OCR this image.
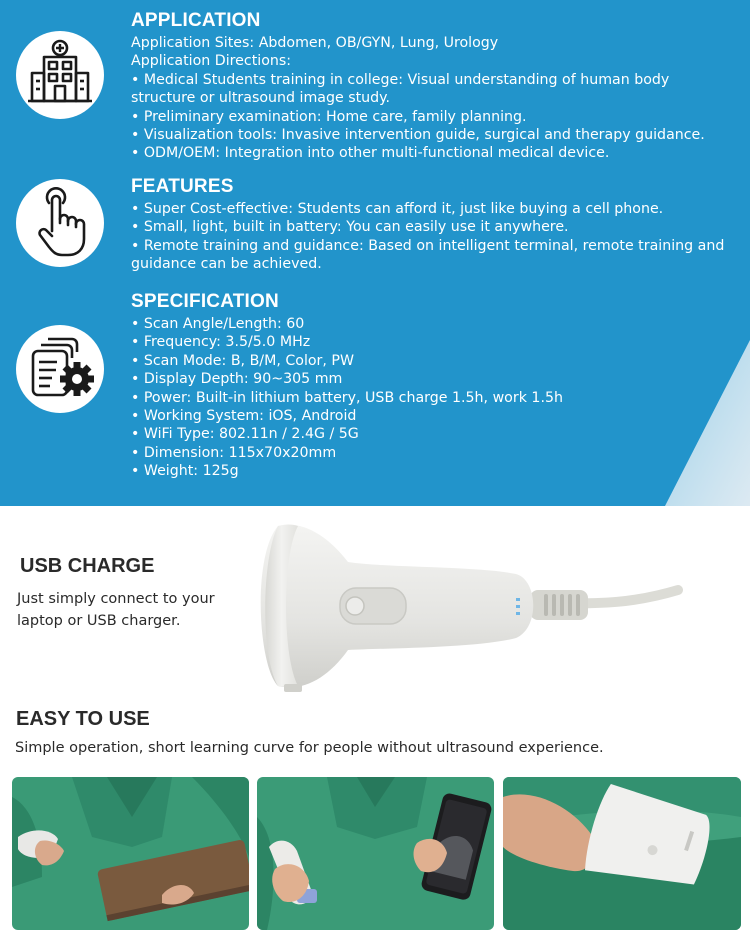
APPLICATION
Application Sites: Abdomen, OB/GYN, Lung, Urology
Application Directions:
• Medical Students training in college: Visual understanding of human body
structure or ultrasound image study.
• Preliminary examination: Home care, family planning.
• Visualization tools: Invasive intervention guide, surgical and therapy guidance.
• ODM/OEM: Integration into other multi-functional medical device.
FEATURES
• Super Cost-effective: Students can afford it, just like buying a cell phone.
• Small, light, built in battery: You can easily use it anywhere.
• Remote training and guidance: Based on intelligent terminal, remote training and
guidance can be achieved.
SPECIFICATION
• Scan Angle/Length: 60
• Frequency: 3.5/5.0 MHz
• Scan Mode: B, B/M, Color, PW
• Display Depth: 90~305 mm
• Power: Built-in lithium battery, USB charge 1.5h, work 1.5h
• Working System: iOS, Android
• WiFi Type: 802.11n / 2.4G / 5G
• Dimension: 115x70x20mm
• Weight: 125g
USB CHARGE
Just simply connect to your laptop or USB charger.
EASY TO USE
Simple operation, short learning curve for people without ultrasound experience.
